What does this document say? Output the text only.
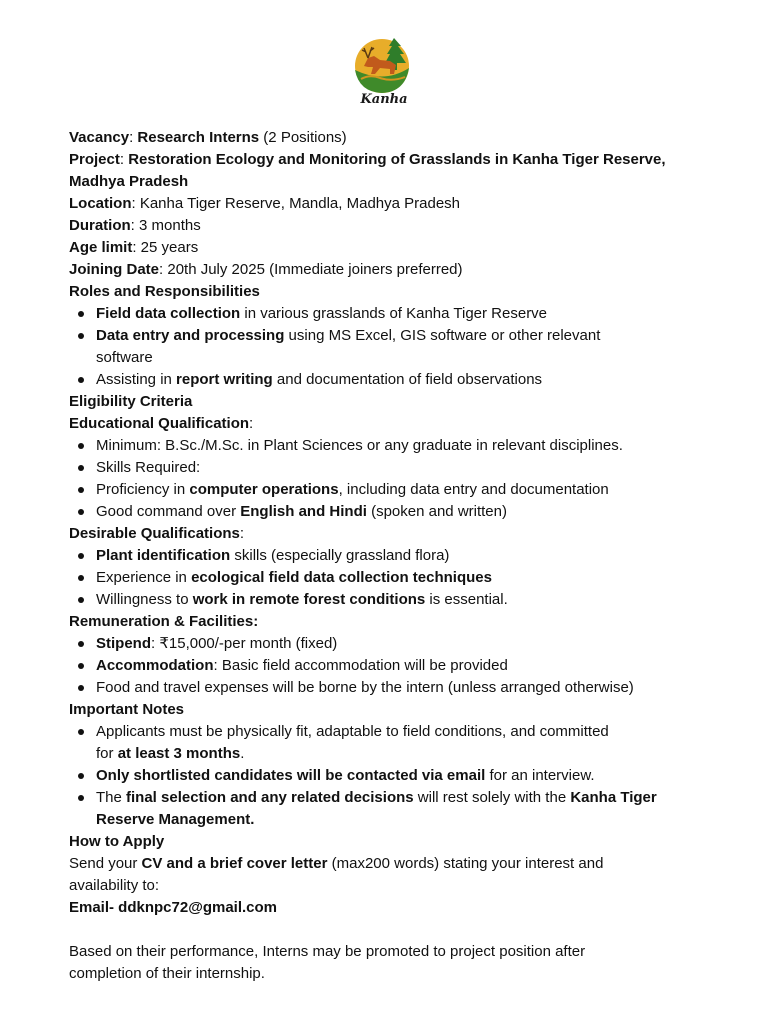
Kanha

Vacancy: Research Interns (2 Positions)

Project: Restoration Ecology and Monitoring of Grasslands in Kanha Tiger Reserve,

Madhya Pradesh

Location: Kanha Tiger Reserve, Mandla, Madhya Pradesh

Duration: 3 months

Age limit: 25 years

Joining Date: 20th July 2025 (Immediate joiners preferred)

Roles and Responsibilities

Field data collection in various grasslands of Kanha Tiger Reserve
Data entry and processing using MS Excel, GIS software or other relevant
software
Assisting in report writing and documentation of field observations

Eligibility Criteria

Educational Qualification:

Minimum: B.Sc./M.Sc. in Plant Sciences or any graduate in relevant disciplines.
Skills Required:
Proficiency in computer operations, including data entry and documentation
Good command over English and Hindi (spoken and written)

Desirable Qualifications:

Plant identification skills (especially grassland flora)
Experience in ecological field data collection techniques
Willingness to work in remote forest conditions is essential.

Remuneration & Facilities:

Stipend: ₹15,000/-per month (fixed)
Accommodation: Basic field accommodation will be provided
Food and travel expenses will be borne by the intern (unless arranged otherwise)

Important Notes

Applicants must be physically fit, adaptable to field conditions, and committed
for at least 3 months.
Only shortlisted candidates will be contacted via email for an interview.
The final selection and any related decisions will rest solely with the Kanha Tiger
Reserve Management.

How to Apply

Send your CV and a brief cover letter (max200 words) stating your interest and

availability to:

Email- ddknpc72@gmail.com

Based on their performance, Interns may be promoted to project position after

completion of their internship.
